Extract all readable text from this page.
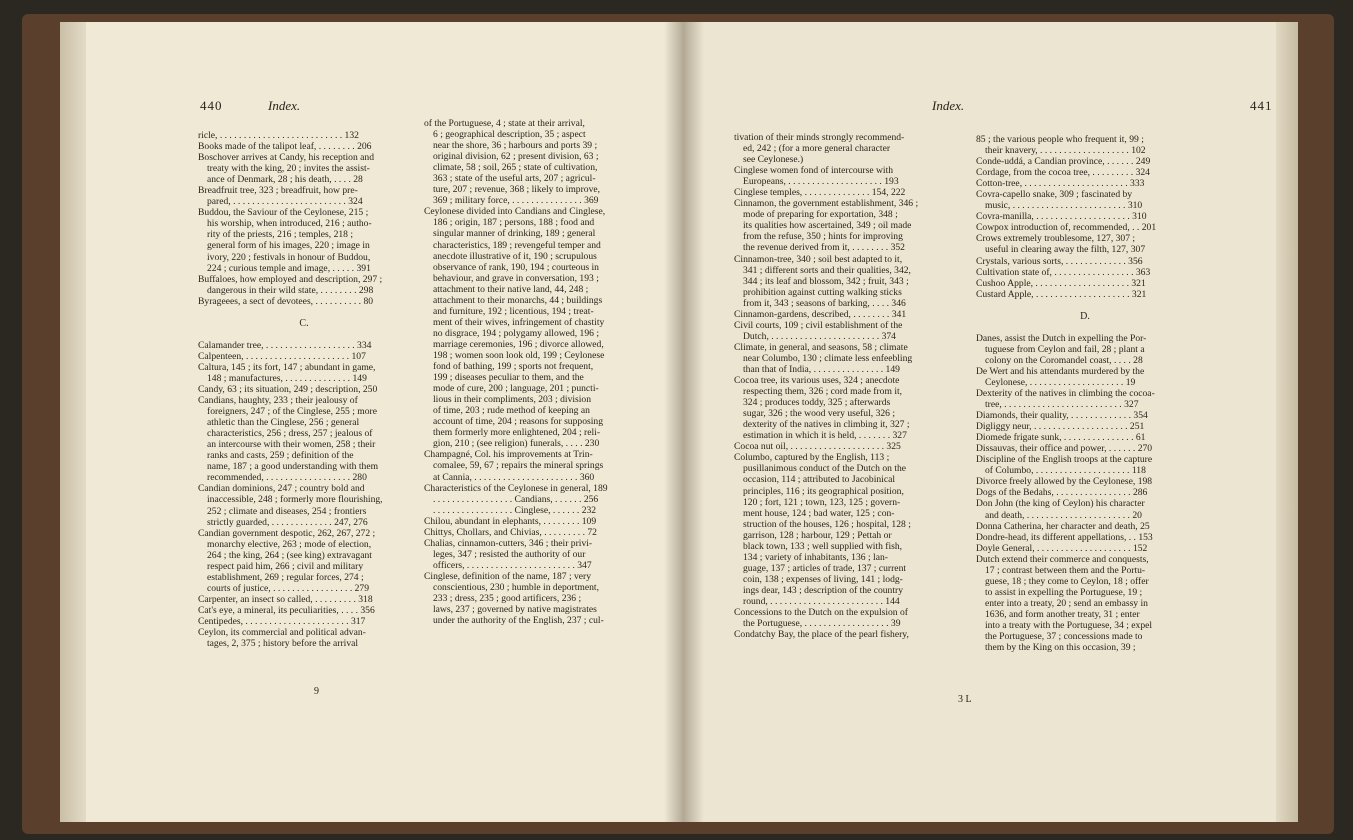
440	Index.	Index.	441
ricle, . . . . . . . . . . . . . . . . . . . . . . . . . . 132
Books made of the talipot leaf, . . . . . . . . 206
Boschover arrives at Candy, his reception and
treaty with the king, 20 ; invites the assist-
ance of Denmark, 28 ; his death, . . . . 28
Breadfruit tree, 323 ; breadfruit, how pre-
pared, . . . . . . . . . . . . . . . . . . . . . . . . 324
Buddou, the Saviour of the Ceylonese, 215 ;
his worship, when introduced, 216 ; autho-
rity of the priests, 216 ; temples, 218 ;
general form of his images, 220 ; image in
ivory, 220 ; festivals in honour of Buddou,
224 ; curious temple and image, . . . . . 391
Buffaloes, how employed and description, 297 ;
dangerous in their wild state, . . . . . . . . 298
Byrageees, a sect of devotees, . . . . . . . . . . 80
C.
Calamander tree, . . . . . . . . . . . . . . . . . . . 334
Calpenteen, . . . . . . . . . . . . . . . . . . . . . . 107
Caltura, 145 ; its fort, 147 ; abundant in game,
148 ; manufactures, . . . . . . . . . . . . . . 149
Candy, 63 ; its situation, 249 ; description, 250
Candians, haughty, 233 ; their jealousy of
foreigners, 247 ; of the Cinglese, 255 ; more
athletic than the Cinglese, 256 ; general
characteristics, 256 ; dress, 257 ; jealous of
an intercourse with their women, 258 ; their
ranks and casts, 259 ; definition of the
name, 187 ; a good understanding with them
recommended, . . . . . . . . . . . . . . . . . . 280
Candian dominions, 247 ; country bold and
inaccessible, 248 ; formerly more flourishing,
252 ; climate and diseases, 254 ; frontiers
strictly guarded, . . . . . . . . . . . . . 247, 276
Candian government despotic, 262, 267, 272 ;
monarchy elective, 263 ; mode of election,
264 ; the king, 264 ; (see king) extravagant
respect paid him, 266 ; civil and military
establishment, 269 ; regular forces, 274 ;
courts of justice, . . . . . . . . . . . . . . . . . 279
Carpenter, an insect so called, . . . . . . . . . 318
Cat's eye, a mineral, its peculiarities, . . . . 356
Centipedes, . . . . . . . . . . . . . . . . . . . . . . 317
Ceylon, its commercial and political advan-
tages, 2, 375 ; history before the arrival
of the Portuguese, 4 ; state at their arrival,
6 ; geographical description, 35 ; aspect
near the shore, 36 ; harbours and ports 39 ;
original division, 62 ; present division, 63 ;
climate, 58 ; soil, 265 ; state of cultivation,
363 ; state of the useful arts, 207 ; agricul-
ture, 207 ; revenue, 368 ; likely to improve,
369 ; military force, . . . . . . . . . . . . . . . 369
Ceylonese divided into Candians and Cinglese,
186 ; origin, 187 ; persons, 188 ; food and
singular manner of drinking, 189 ; general
characteristics, 189 ; revengeful temper and
anecdote illustrative of it, 190 ; scrupulous
observance of rank, 190, 194 ; courteous in
behaviour, and grave in conversation, 193 ;
attachment to their native land, 44, 248 ;
attachment to their monarchs, 44 ; buildings
and furniture, 192 ; licentious, 194 ; treat-
ment of their wives, infringement of chastity
no disgrace, 194 ; polygamy allowed, 196 ;
marriage ceremonies, 196 ; divorce allowed,
198 ; women soon look old, 199 ; Ceylonese
fond of bathing, 199 ; sports not frequent,
199 ; diseases peculiar to them, and the
mode of cure, 200 ; language, 201 ; puncti-
lious in their compliments, 203 ; division
of time, 203 ; rude method of keeping an
account of time, 204 ; reasons for supposing
them formerly more enlightened, 204 ; reli-
gion, 210 ; (see religion) funerals, . . . . 230
Champagné, Col. his improvements at Trin-
comalee, 59, 67 ; repairs the mineral springs
at Cannia, . . . . . . . . . . . . . . . . . . . . . . 360
Characteristics of the Ceylonese in general, 189
. . . . . . . . . . . . . . . . . Candians, . . . . . . 256
. . . . . . . . . . . . . . . . . Cinglese, . . . . . . 232
Chilou, abundant in elephants, . . . . . . . . 109
Chittys, Chollars, and Chivias, . . . . . . . . . 72
Chalias, cinnamon-cutters, 346 ; their privi-
leges, 347 ; resisted the authority of our
officers, . . . . . . . . . . . . . . . . . . . . . . . 347
Cinglese, definition of the name, 187 ; very
conscientious, 230 ; humble in deportment,
233 ; dress, 235 ; good artificers, 236 ;
laws, 237 ; governed by native magistrates
under the authority of the English, 237 ; cul-
tivation of their minds strongly recommend-
ed, 242 ; (for a more general character
see Ceylonese.)
Cinglese women fond of intercourse with
Europeans, . . . . . . . . . . . . . . . . . . . . 193
Cinglese temples, . . . . . . . . . . . . . . 154, 222
Cinnamon, the government establishment, 346 ;
mode of preparing for exportation, 348 ;
its qualities how ascertained, 349 ; oil made
from the refuse, 350 ; hints for improving
the revenue derived from it, . . . . . . . . 352
Cinnamon-tree, 340 ; soil best adapted to it,
341 ; different sorts and their qualities, 342,
344 ; its leaf and blossom, 342 ; fruit, 343 ;
prohibition against cutting walking sticks
from it, 343 ; seasons of barking, . . . . 346
Cinnamon-gardens, described, . . . . . . . . 341
Civil courts, 109 ; civil establishment of the
Dutch, . . . . . . . . . . . . . . . . . . . . . . . 374
Climate, in general, and seasons, 58 ; climate
near Columbo, 130 ; climate less enfeebling
than that of India, . . . . . . . . . . . . . . . 149
Cocoa tree, its various uses, 324 ; anecdote
respecting them, 326 ; cord made from it,
324 ; produces toddy, 325 ; afterwards
sugar, 326 ; the wood very useful, 326 ;
dexterity of the natives in climbing it, 327 ;
estimation in which it is held, . . . . . . . 327
Cocoa nut oil, . . . . . . . . . . . . . . . . . . . . 325
Columbo, captured by the English, 113 ;
pusillanimous conduct of the Dutch on the
occasion, 114 ; attributed to Jacobinical
principles, 116 ; its geographical position,
120 ; fort, 121 ; town, 123, 125 ; govern-
ment house, 124 ; bad water, 125 ; con-
struction of the houses, 126 ; hospital, 128 ;
garrison, 128 ; harbour, 129 ; Pettah or
black town, 133 ; well supplied with fish,
134 ; variety of inhabitants, 136 ; lan-
guage, 137 ; articles of trade, 137 ; current
coin, 138 ; expenses of living, 141 ; lodg-
ings dear, 143 ; description of the country
round, . . . . . . . . . . . . . . . . . . . . . . . . 144
Concessions to the Dutch on the expulsion of
the Portuguese, . . . . . . . . . . . . . . . . . . 39
Condatchy Bay, the place of the pearl fishery,
85 ; the various people who frequent it, 99 ;
their knavery, . . . . . . . . . . . . . . . . . . . 102
Conde-uddá, a Candian province, . . . . . . 249
Cordage, from the cocoa tree, . . . . . . . . . 324
Cotton-tree, . . . . . . . . . . . . . . . . . . . . . . 333
Covra-capello snake, 309 ; fascinated by
music, . . . . . . . . . . . . . . . . . . . . . . . . 310
Covra-manilla, . . . . . . . . . . . . . . . . . . . . 310
Cowpox introduction of, recommended, . . 201
Crows extremely troublesome, 127, 307 ;
useful in clearing away the filth, 127, 307
Crystals, various sorts, . . . . . . . . . . . . . 356
Cultivation state of, . . . . . . . . . . . . . . . . . 363
Cushoo Apple, . . . . . . . . . . . . . . . . . . . . 321
Custard Apple, . . . . . . . . . . . . . . . . . . . . 321
D.
Danes, assist the Dutch in expelling the Por-
tuguese from Ceylon and fail, 28 ; plant a
colony on the Coromandel coast, . . . . 28
De Wert and his attendants murdered by the
Ceylonese, . . . . . . . . . . . . . . . . . . . . 19
Dexterity of the natives in climbing the cocoa-
tree, . . . . . . . . . . . . . . . . . . . . . . . . . 327
Diamonds, their quality, . . . . . . . . . . . . . 354
Digliggy neur, . . . . . . . . . . . . . . . . . . . . 251
Diomede frigate sunk, . . . . . . . . . . . . . . . 61
Dissauvas, their office and power, . . . . . . 270
Discipline of the English troops at the capture
of Columbo, . . . . . . . . . . . . . . . . . . . . 118
Divorce freely allowed by the Ceylonese, 198
Dogs of the Bedahs, . . . . . . . . . . . . . . . . 286
Don John (the king of Ceylon) his character
and death, . . . . . . . . . . . . . . . . . . . . . . 20
Donna Catherina, her character and death, 25
Dondre-head, its different appellations, . . 153
Doyle General, . . . . . . . . . . . . . . . . . . . . 152
Dutch extend their commerce and conquests,
17 ; contrast between them and the Portu-
guese, 18 ; they come to Ceylon, 18 ; offer
to assist in expelling the Portuguese, 19 ;
enter into a treaty, 20 ; send an embassy in
1636, and form another treaty, 31 ; enter
into a treaty with the Portuguese, 34 ; expel
the Portuguese, 37 ; concessions made to
them by the King on this occasion, 39 ;
9
3 L
